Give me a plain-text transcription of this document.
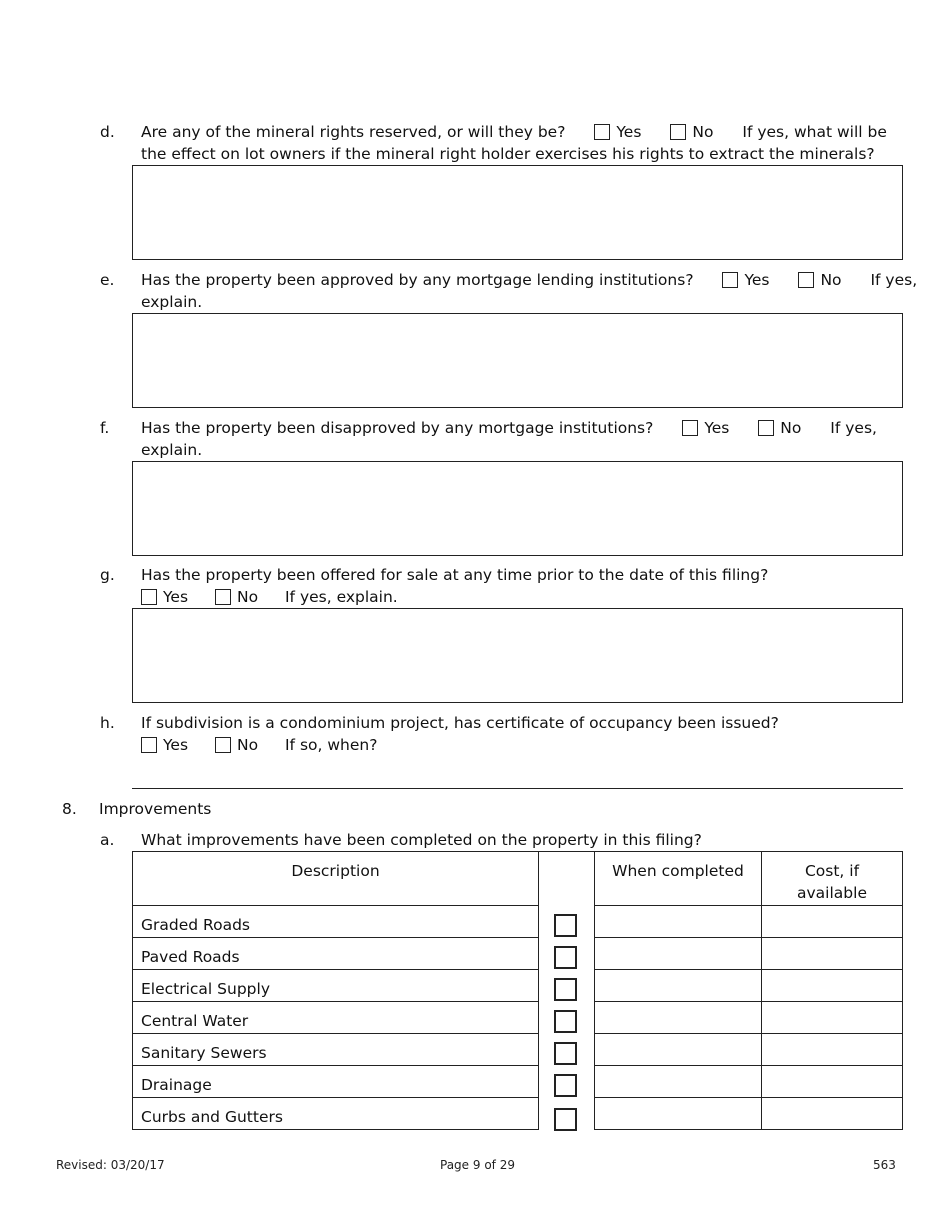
d. Are any of the mineral rights reserved, or will they be?	Yes	No If yes, what will be
the effect on lot owners if the mineral right holder exercises his rights to extract the minerals?
e. Has the property been approved by any mortgage lending institutions?	Yes	No If yes,
explain.
f. Has the property been disapproved by any mortgage institutions?	Yes	No If yes,
explain.
g. Has the property been offered for sale at any time prior to the date of this filing?
Yes	No If yes, explain.
h. If subdivision is a condominium project, has certificate of occupancy been issued?
Yes	No If so, when?
8. Improvements
a. What improvements have been completed on the property in this filing?
Description	When completed	Cost, if
available
Graded Roads
Paved Roads
Electrical Supply
Central Water
Sanitary Sewers
Drainage
Curbs and Gutters
Revised: 03/20/17	Page 9 of 29	563
